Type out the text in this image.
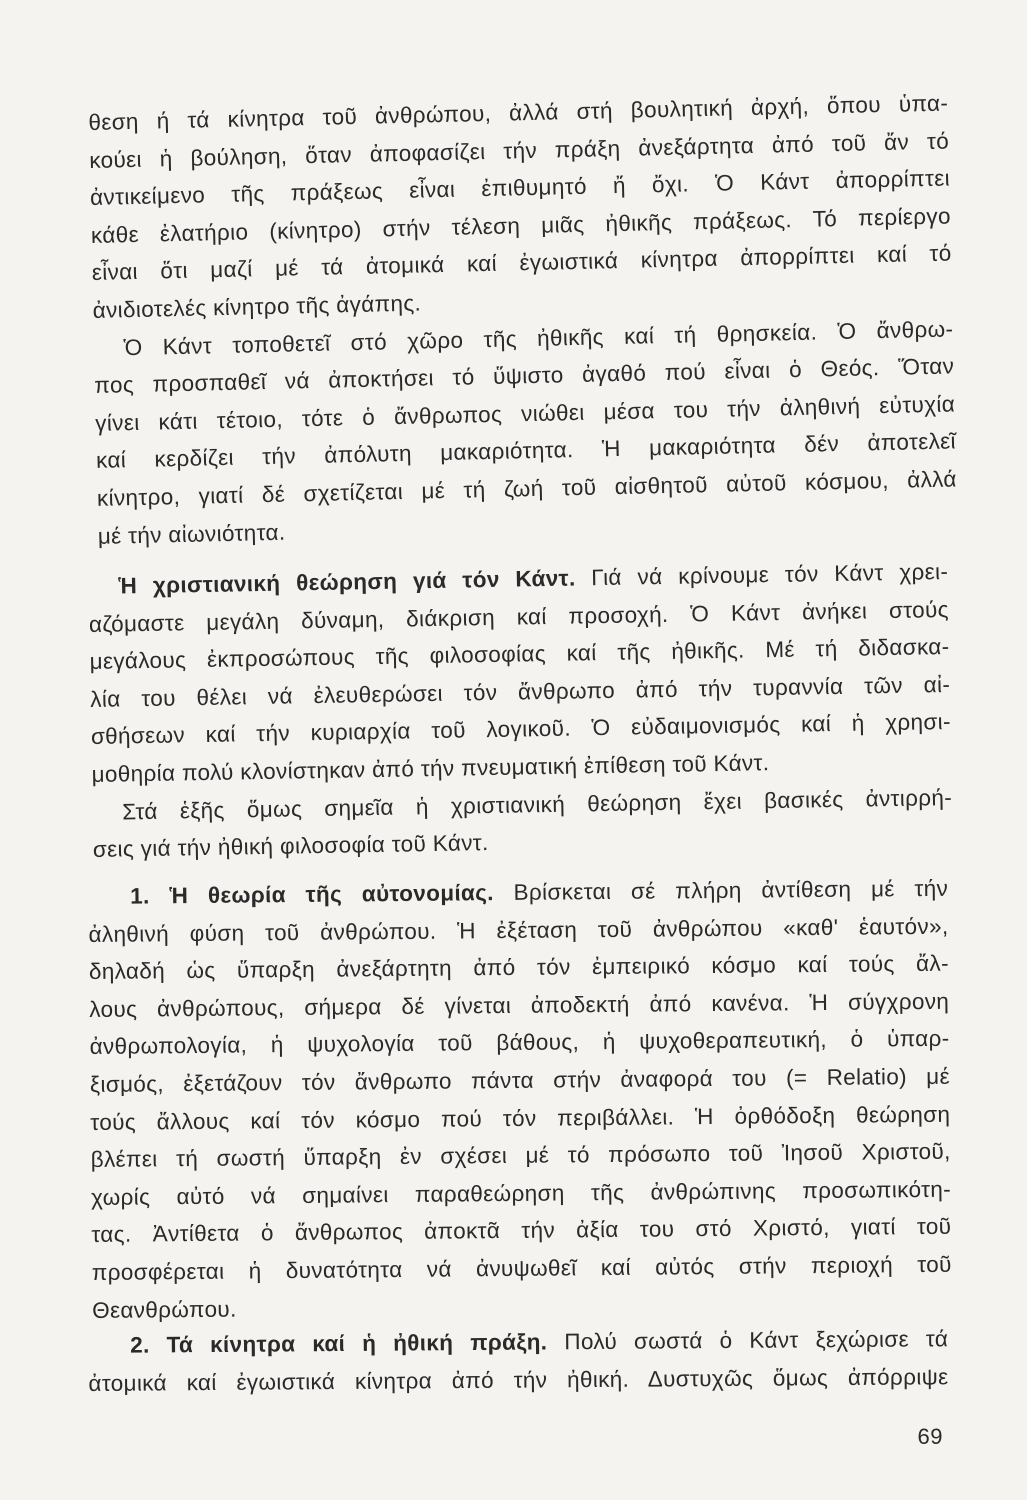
θεση ή τά κίνητρα τοῦ ἀνθρώπου, ἀλλά στή βουλητική ἀρχή, ὅπου ὑπα-
κούει ἡ βούληση, ὅταν ἀποφασίζει τήν πράξη ἀνεξάρτητα ἀπό τοῦ ἄν τό
ἀντικείμενο τῆς πράξεως εἶναι ἐπιθυμητό ἤ ὄχι. Ὁ Κάντ ἀπορρίπτει
κάθε ἐλατήριο (κίνητρο) στήν τέλεση μιᾶς ἠθικῆς πράξεως. Τό περίεργο
εἶναι ὅτι μαζί μέ τά ἀτομικά καί ἐγωιστικά κίνητρα ἀπορρίπτει καί τό
ἀνιδιοτελές κίνητρο τῆς ἀγάπης.
Ὁ Κάντ τοποθετεῖ στό χῶρο τῆς ἠθικῆς καί τή θρησκεία. Ὁ ἄνθρω-
πος προσπαθεῖ νά ἀποκτήσει τό ὕψιστο ἀγαθό πού εἶναι ὁ Θεός. Ὅταν
γίνει κάτι τέτοιο, τότε ὁ ἄνθρωπος νιώθει μέσα του τήν ἀληθινή εὐτυχία
καί κερδίζει τήν ἀπόλυτη μακαριότητα. Ἡ μακαριότητα δέν ἀποτελεῖ
κίνητρο, γιατί δέ σχετίζεται μέ τή ζωή τοῦ αἰσθητοῦ αὐτοῦ κόσμου, ἀλλά
μέ τήν αἰωνιότητα.
Ἡ χριστιανική θεώρηση γιά τόν Κάντ. Γιά νά κρίνουμε τόν Κάντ χρει-
αζόμαστε μεγάλη δύναμη, διάκριση καί προσοχή. Ὁ Κάντ ἀνήκει στούς
μεγάλους ἐκπροσώπους τῆς φιλοσοφίας καί τῆς ἠθικῆς. Μέ τή διδασκα-
λία του θέλει νά ἐλευθερώσει τόν ἄνθρωπο ἀπό τήν τυραννία τῶν αἰ-
σθήσεων καί τήν κυριαρχία τοῦ λογικοῦ. Ὁ εὐδαιμονισμός καί ἡ χρησι-
μοθηρία πολύ κλονίστηκαν ἀπό τήν πνευματική ἐπίθεση τοῦ Κάντ.
Στά ἑξῆς ὅμως σημεῖα ἡ χριστιανική θεώρηση ἔχει βασικές ἀντιρρή-
σεις γιά τήν ἠθική φιλοσοφία τοῦ Κάντ.
1. Ἡ θεωρία τῆς αὐτονομίας. Βρίσκεται σέ πλήρη ἀντίθεση μέ τήν
ἀληθινή φύση τοῦ ἀνθρώπου. Ἡ ἐξέταση τοῦ ἀνθρώπου «καθ' ἑαυτόν»,
δηλαδή ὡς ὕπαρξη ἀνεξάρτητη ἀπό τόν ἐμπειρικό κόσμο καί τούς ἄλ-
λους ἀνθρώπους, σήμερα δέ γίνεται ἀποδεκτή ἀπό κανένα. Ἡ σύγχρονη
ἀνθρωπολογία, ἡ ψυχολογία τοῦ βάθους, ἡ ψυχοθεραπευτική, ὁ ὑπαρ-
ξισμός, ἐξετάζουν τόν ἄνθρωπο πάντα στήν ἀναφορά του (= Relatio) μέ
τούς ἄλλους καί τόν κόσμο πού τόν περιβάλλει. Ἡ ὀρθόδοξη θεώρηση
βλέπει τή σωστή ὕπαρξη ἐν σχέσει μέ τό πρόσωπο τοῦ Ἰησοῦ Χριστοῦ,
χωρίς αὐτό νά σημαίνει παραθεώρηση τῆς ἀνθρώπινης προσωπικότη-
τας. Ἀντίθετα ὁ ἄνθρωπος ἀποκτᾶ τήν ἀξία του στό Χριστό, γιατί τοῦ
προσφέρεται ἡ δυνατότητα νά ἀνυψωθεῖ καί αὐτός στήν περιοχή τοῦ
Θεανθρώπου.
2. Τά κίνητρα καί ἡ ἠθική πράξη. Πολύ σωστά ὁ Κάντ ξεχώρισε τά
ἀτομικά καί ἐγωιστικά κίνητρα ἀπό τήν ἠθική. Δυστυχῶς ὅμως ἀπόρριψε
69
